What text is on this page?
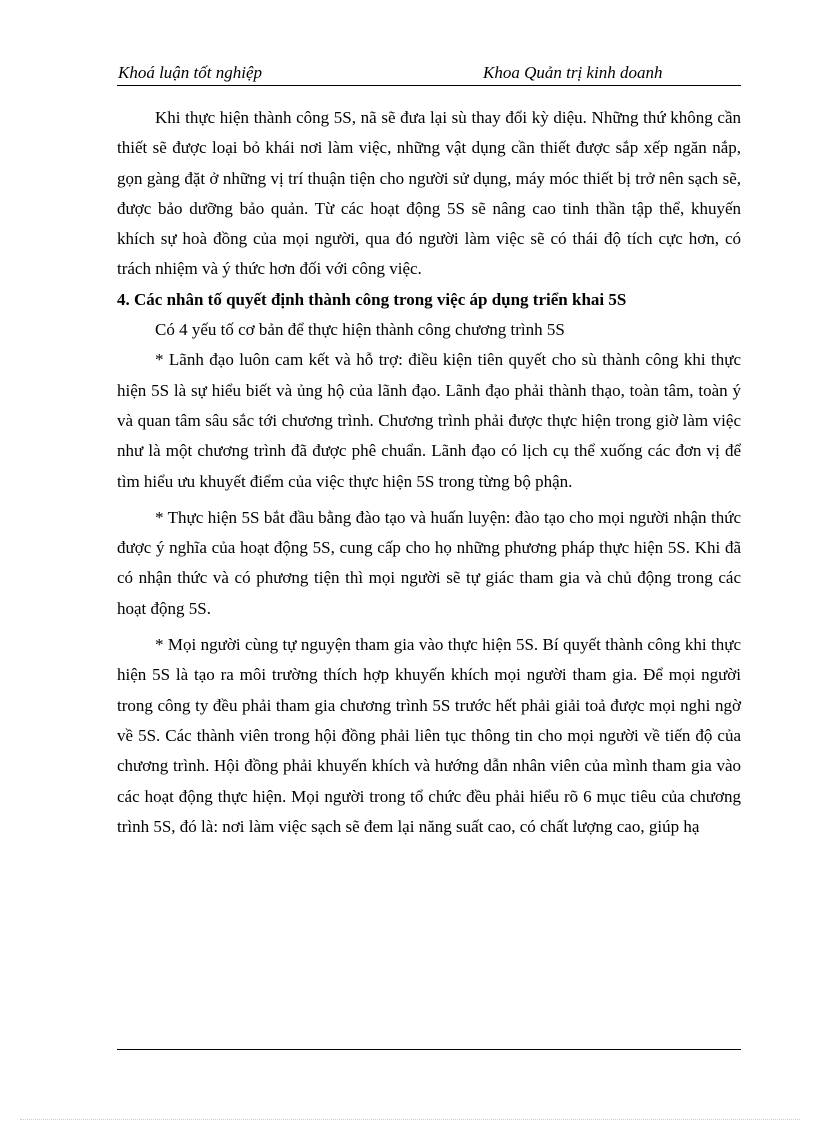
Khoá luận tốt nghiệp	Khoa Quản trị kinh doanh

Khi thực hiện thành công 5S, nã sẽ đưa lại sù thay đổi kỳ diệu. Những thứ không cần thiết sẽ được loại bỏ khái nơi làm việc, những vật dụng cần thiết được sắp xếp ngăn nắp, gọn gàng đặt ở những vị trí thuận tiện cho người sử dụng, máy móc thiết bị trở nên sạch sẽ, được bảo dưỡng bảo quản. Từ các hoạt động 5S sẽ nâng cao tinh thần tập thể, khuyến khích sự hoà đồng của mọi người, qua đó người làm việc sẽ có thái độ tích cực hơn, có trách nhiệm và ý thức hơn đối với công việc.

4. Các nhân tố quyết định thành công trong việc áp dụng triển khai 5S

Có 4 yếu tố cơ bản để thực hiện thành công chương trình 5S

* Lãnh đạo luôn cam kết và hỗ trợ: điều kiện tiên quyết cho sù thành công khi thực hiện 5S là sự hiểu biết và ủng hộ của lãnh đạo. Lãnh đạo phải thành thạo, toàn tâm, toàn ý và quan tâm sâu sắc tới chương trình. Chương trình phải được thực hiện trong giờ làm việc như là một chương trình đã được phê chuẩn. Lãnh đạo có lịch cụ thể xuống các đơn vị để tìm hiểu ưu khuyết điểm của việc thực hiện 5S trong từng bộ phận.

* Thực hiện 5S bắt đầu bằng đào tạo và huấn luyện: đào tạo cho mọi người nhận thức được ý nghĩa của hoạt động 5S, cung cấp cho họ những phương pháp thực hiện 5S. Khi đã có nhận thức và có phương tiện thì mọi người sẽ tự giác tham gia và chủ động trong các hoạt động 5S.

* Mọi người cùng tự nguyện tham gia vào thực hiện 5S. Bí quyết thành công khi thực hiện 5S là tạo ra môi trường thích hợp khuyến khích mọi người tham gia. Để mọi người trong công ty đều phải tham gia chương trình 5S trước hết phải giải toả được mọi nghi ngờ về 5S. Các thành viên trong hội đồng phải liên tục thông tin cho mọi người về tiến độ của chương trình. Hội đồng phải khuyến khích và hướng dẫn nhân viên của mình tham gia vào các hoạt động thực hiện. Mọi người trong tổ chức đều phải hiểu rõ 6 mục tiêu của chương trình 5S, đó là: nơi làm việc sạch sẽ đem lại năng suất cao, có chất lượng cao, giúp hạ
